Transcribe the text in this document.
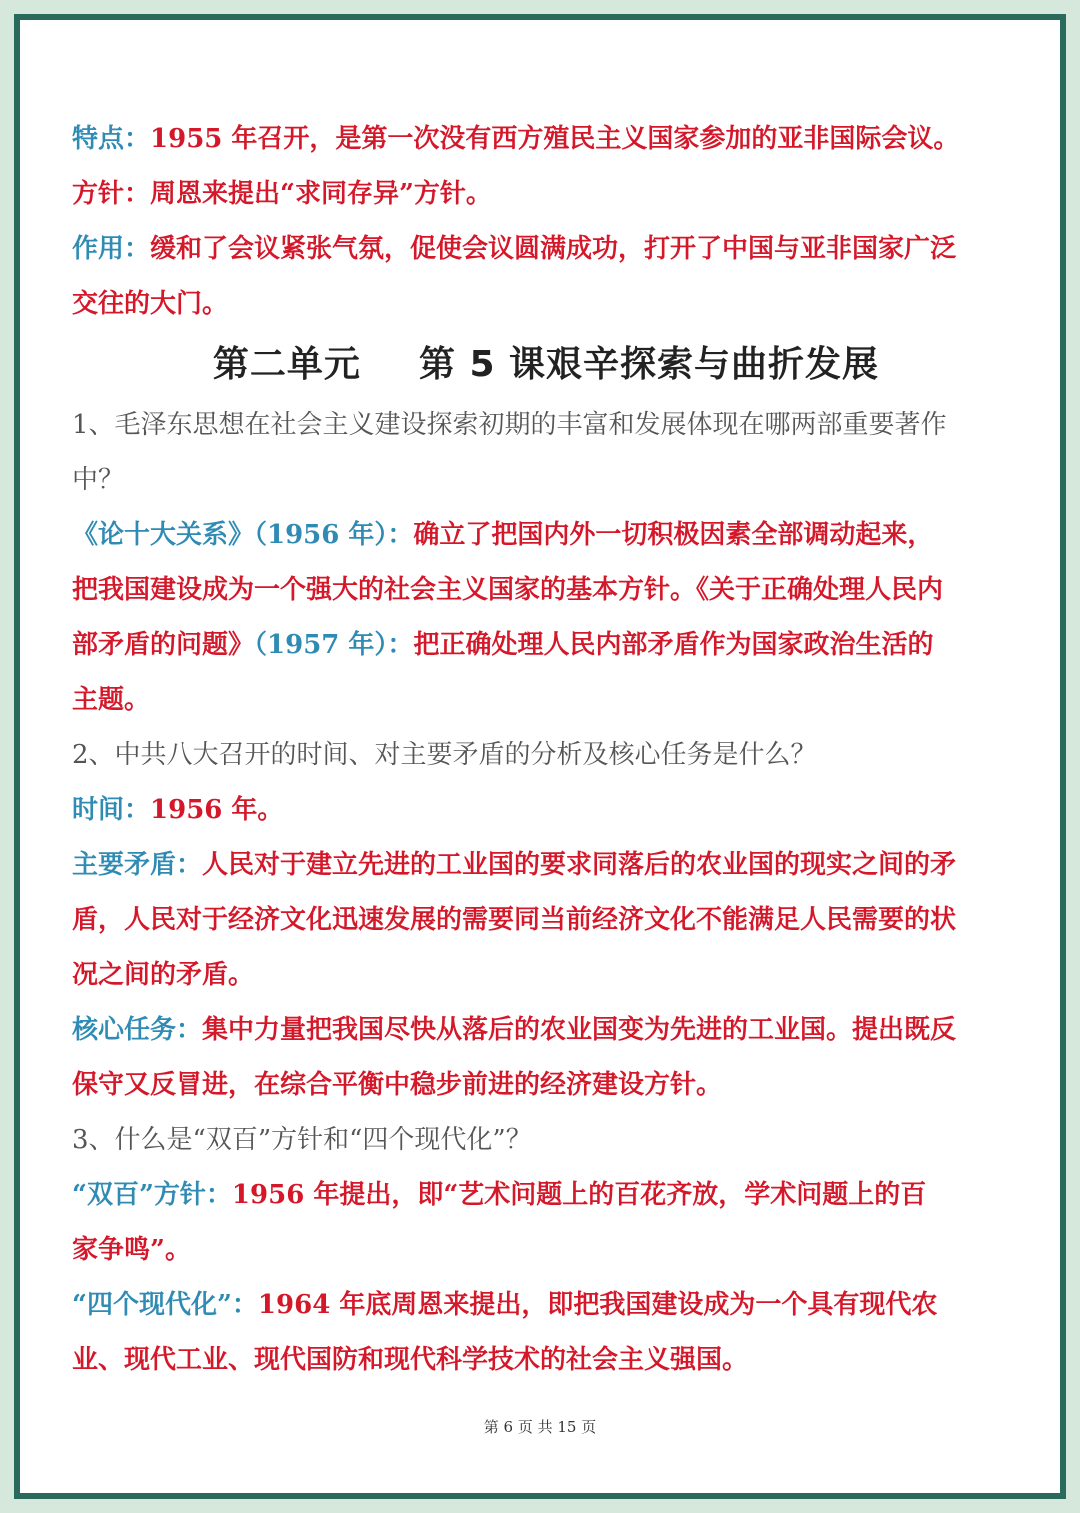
特点：1955 年召开，是第一次没有西方殖民主义国家参加的亚非国际会议。
方针：周恩来提出“求同存异”方针。
作用：缓和了会议紧张气氛，促使会议圆满成功，打开了中国与亚非国家广泛
交往的大门。
第二单元 第 5 课艰辛探索与曲折发展
1、毛泽东思想在社会主义建设探索初期的丰富和发展体现在哪两部重要著作
中？
《论十大关系》（1956 年）：确立了把国内外一切积极因素全部调动起来，
把我国建设成为一个强大的社会主义国家的基本方针。《关于正确处理人民内
部矛盾的问题》（1957 年）：把正确处理人民内部矛盾作为国家政治生活的
主题。
2、中共八大召开的时间、对主要矛盾的分析及核心任务是什么？
时间：1956 年。
主要矛盾：人民对于建立先进的工业国的要求同落后的农业国的现实之间的矛
盾，人民对于经济文化迅速发展的需要同当前经济文化不能满足人民需要的状
况之间的矛盾。
核心任务：集中力量把我国尽快从落后的农业国变为先进的工业国。提出既反
保守又反冒进，在综合平衡中稳步前进的经济建设方针。
3、什么是“双百”方针和“四个现代化”？
“双百”方针：1956 年提出，即“艺术问题上的百花齐放，学术问题上的百
家争鸣”。
“四个现代化”：1964 年底周恩来提出，即把我国建设成为一个具有现代农
业、现代工业、现代国防和现代科学技术的社会主义强国。
第 6 页 共 15 页
